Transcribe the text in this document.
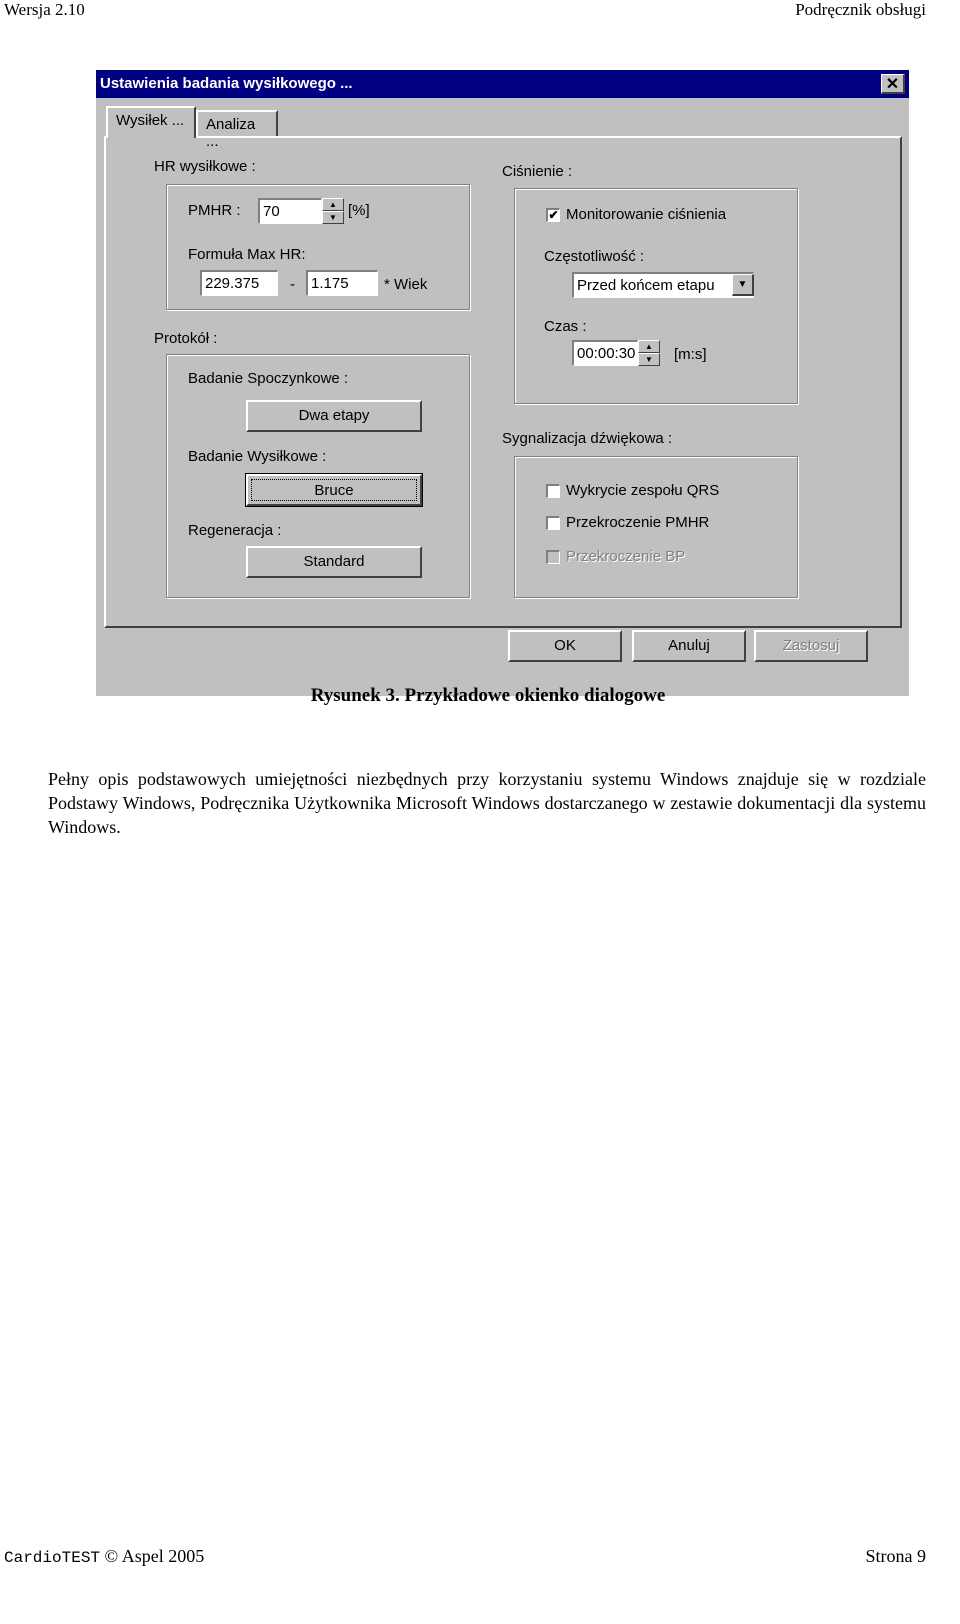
Wersja 2.10	Podręcznik obsługi
Ustawienia badania wysiłkowego ...	✕
Wysiłek ...	Analiza ...
HR wysiłkowe :
PMHR :	70	▲
▼ [%]
Formuła Max HR:
229.375	-	1.175	* Wiek
Protokół :
Badanie Spoczynkowe :
Dwa etapy
Badanie Wysiłkowe :
Bruce
Regeneracja :
Standard
Ciśnienie :
✔ Monitorowanie ciśnienia
Częstotliwość :
Przed końcem etapu	▼
Czas :
00:00:30	▲
▼	[m:s]
Sygnalizacja dźwiękowa :
Wykrycie zespołu QRS
Przekroczenie PMHR
Przekroczenie BP
OK	Anuluj	Zastosuj
Rysunek 3. Przykładowe okienko dialogowe
Pełny opis podstawowych umiejętności niezbędnych przy korzystaniu systemu Windows znajduje się w rozdziale Podstawy Windows, Podręcznika Użytkownika Microsoft Windows dostarczanego w zestawie dokumentacji dla systemu Windows.
CardioTEST © Aspel 2005	Strona 9
